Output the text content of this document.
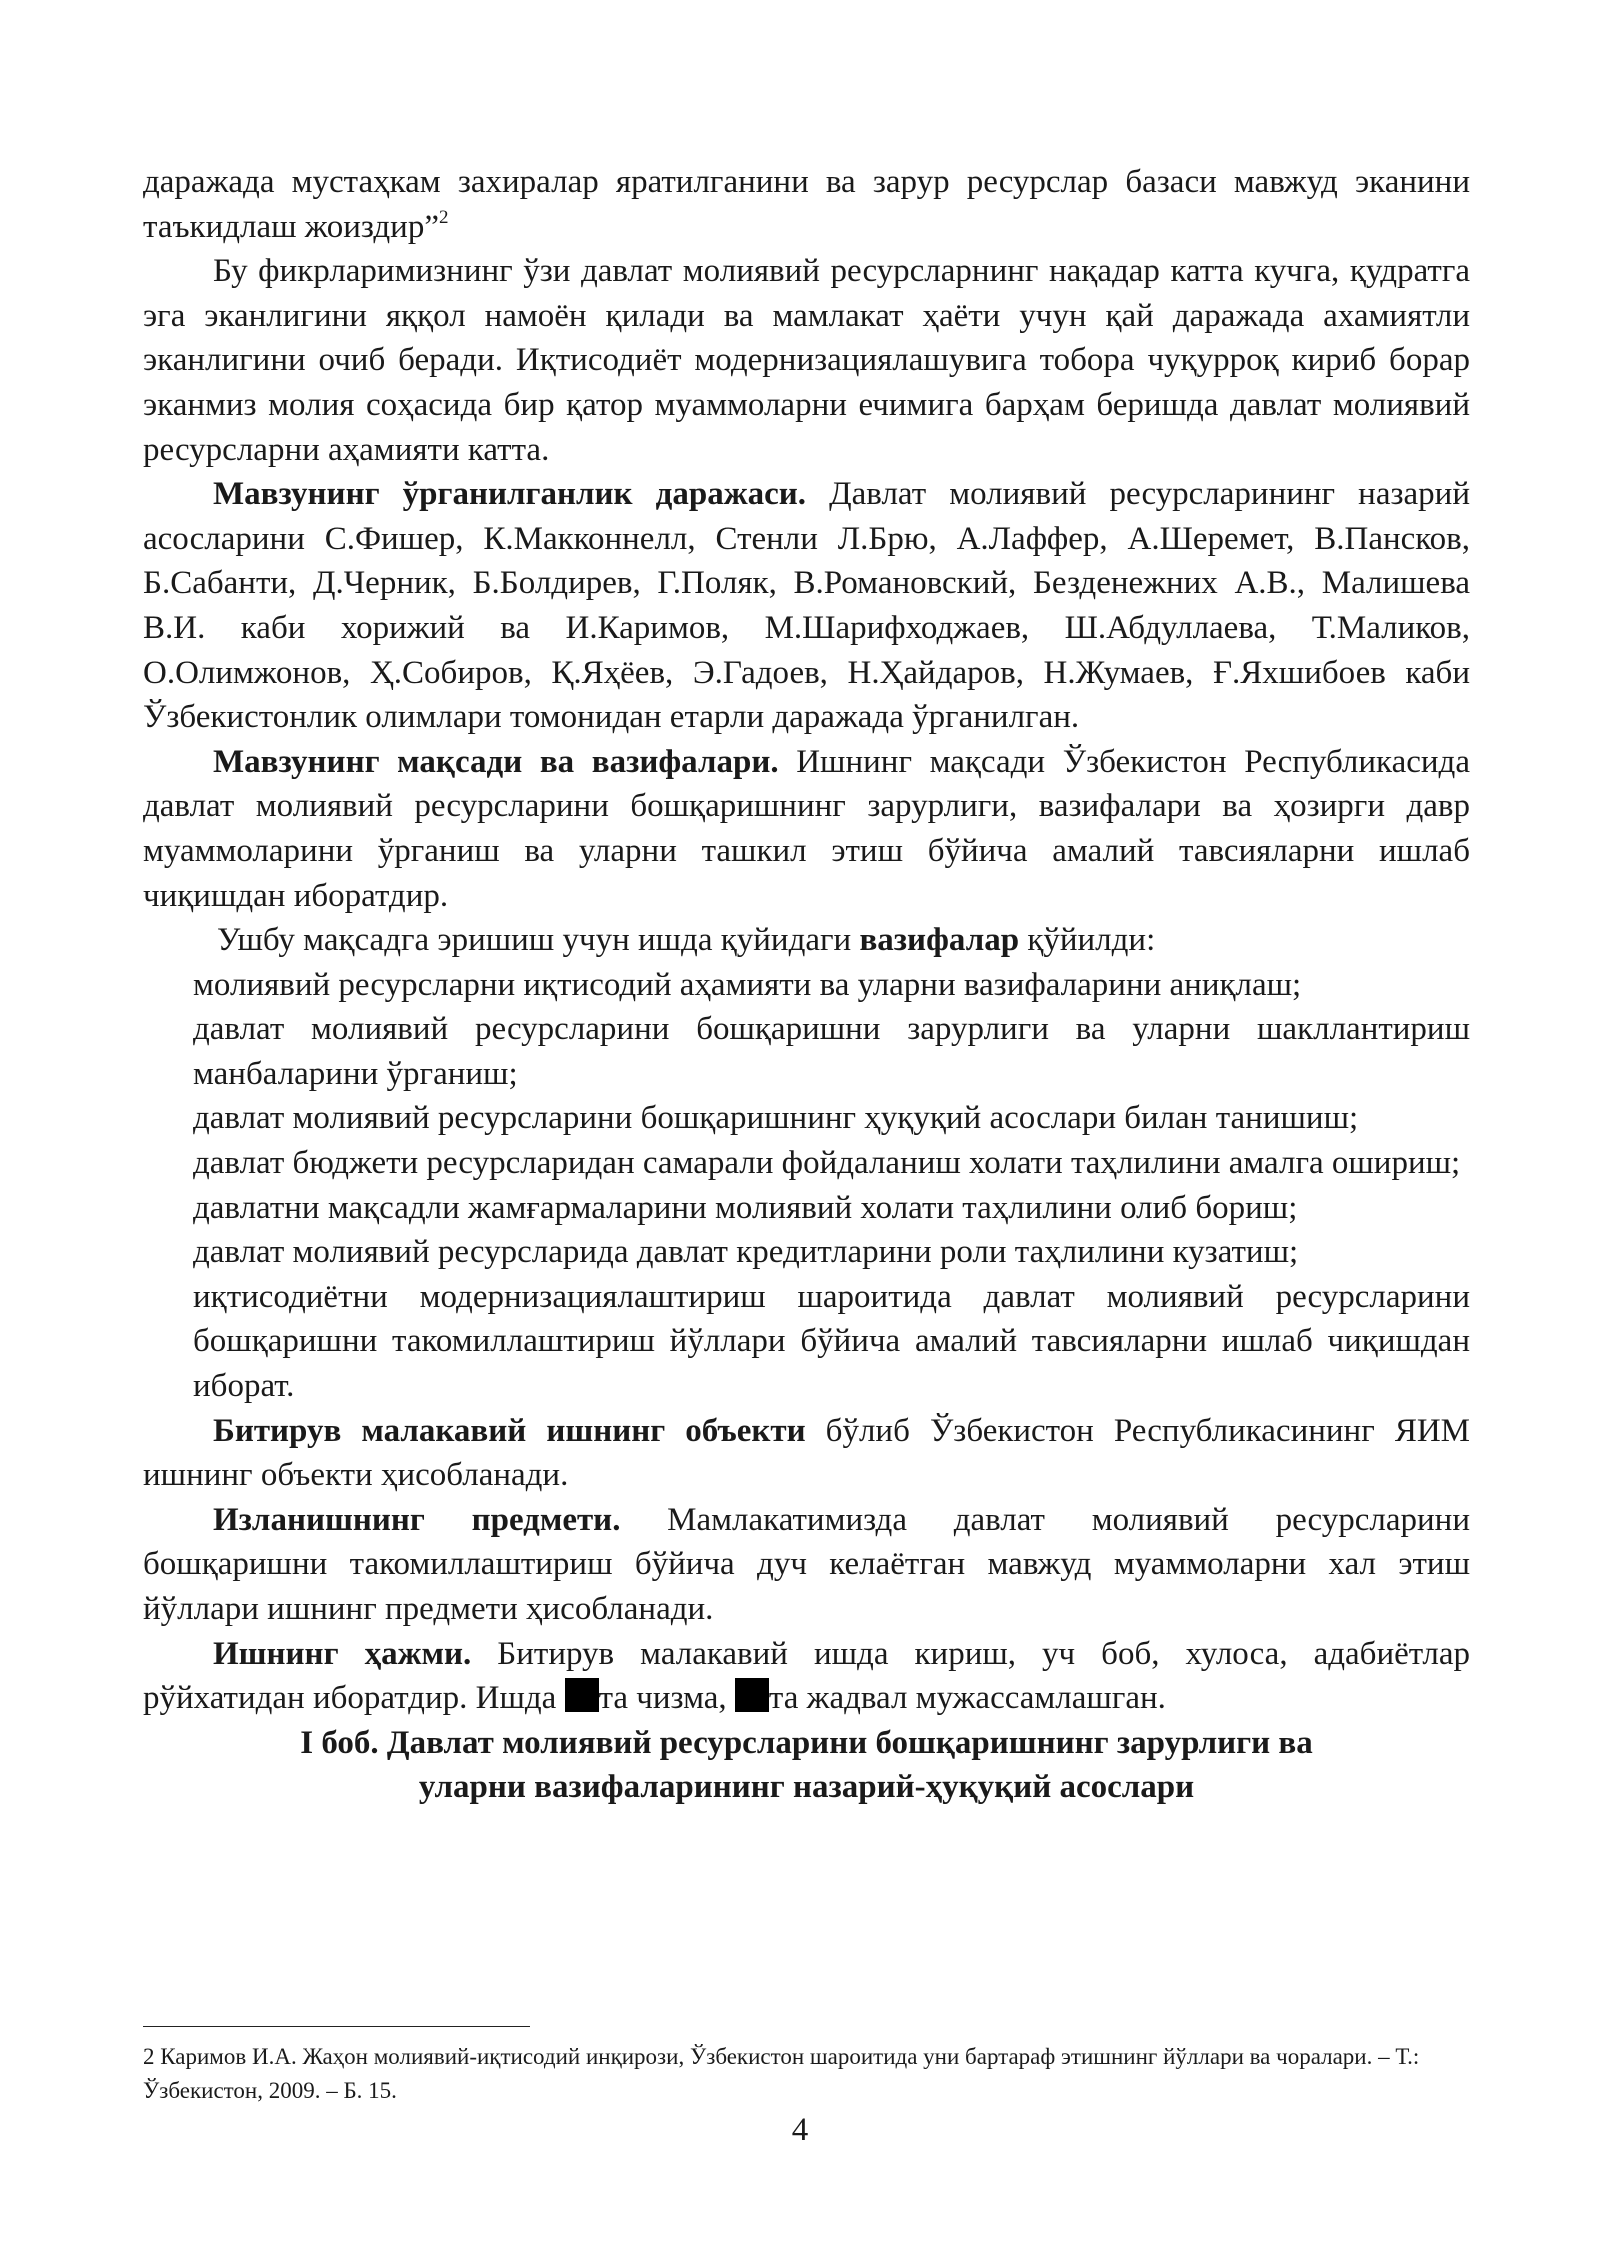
даражада мустаҳкам захиралар яратилганини ва зарур ресурслар базаси мавжуд эканини таъкидлаш жоиздир”$^2$

Бу фикрларимизнинг ўзи давлат молиявий ресурсларнинг нақадар катта кучга, қудратга эга эканлигини яққол намоён қилади ва мамлакат ҳаёти учун қай даражада ахамиятли эканлигини очиб беради. Иқтисодиёт модернизациялашувига тобора чуқурроқ кириб борар эканмиз молия соҳасида бир қатор муаммоларни ечимига барҳам беришда давлат молиявий ресурсларни аҳамияти катта.

Мавзунинг ўрганилганлик даражаси. Давлат молиявий ресурсларининг назарий асосларини С.Фишер, К.Макконнелл, Стенли Л.Брю, А.Лаффер, А.Шеремет, В.Пансков, Б.Сабанти, Д.Черник, Б.Болдирев, Г.Поляк, В.Романовский, Безденежних А.В., Малишева В.И. каби хорижий ва И.Каримов, М.Шарифходжаев, Ш.Абдуллаева, Т.Маликов, О.Олимжонов, Ҳ.Собиров, Қ.Яҳёев, Э.Гадоев, Н.Ҳайдаров, Н.Жумаев, Ғ.Яхшибоев каби Ўзбекистонлик олимлари томонидан етарли даражада ўрганилган.

Мавзунинг мақсади ва вазифалари. Ишнинг мақсади Ўзбекистон Республикасида давлат молиявий ресурсларини бошқаришнинг зарурлиги, вазифалари ва ҳозирги давр муаммоларини ўрганиш ва уларни ташкил этиш бўйича амалий тавсияларни ишлаб чиқишдан иборатдир.

Ушбу мақсадга эришиш учун ишда қуйидаги вазифалар қўйилди:

молиявий ресурсларни иқтисодий аҳамияти ва уларни вазифаларини аниқлаш;
давлат молиявий ресурсларини бошқаришни зарурлиги ва уларни шакллантириш манбаларини ўрганиш;
давлат молиявий ресурсларини бошқаришнинг ҳуқуқий асослари билан танишиш;
давлат бюджети ресурсларидан самарали фойдаланиш холати таҳлилини амалга ошириш;
давлатни мақсадли жамғармаларини молиявий холати таҳлилини олиб бориш;
давлат молиявий ресурсларида давлат кредитларини роли таҳлилини кузатиш;
иқтисодиётни модернизациялаштириш шароитида давлат молиявий ресурсларини бошқаришни такомиллаштириш йўллари бўйича амалий тавсияларни ишлаб чиқишдан иборат.

Битирув малакавий ишнинг объекти бўлиб Ўзбекистон Республикасининг ЯИМ ишнинг объекти ҳисобланади.

Изланишнинг предмети. Мамлакатимизда давлат молиявий ресурсларини бошқаришни такомиллаштириш бўйича дуч келаётган мавжуд муаммоларни хал этиш йўллари ишнинг предмети ҳисобланади.

Ишнинг ҳажми. Битирув малакавий ишда кириш, уч боб, хулоса, адабиётлар рўйхатидан иборатдир. Ишда та чизма, та жадвал мужассамлашган.

I боб. Давлат молиявий ресурсларини бошқаришнинг зарурлиги ва
уларни вазифаларининг назарий-ҳуқуқий асослари

2 Каримов И.А. Жаҳон молиявий-иқтисодий инқирози, Ўзбекистон шароитида уни бартараф этишнинг йўллари ва чоралари. – Т.: Ўзбекистон, 2009. – Б. 15.

4
